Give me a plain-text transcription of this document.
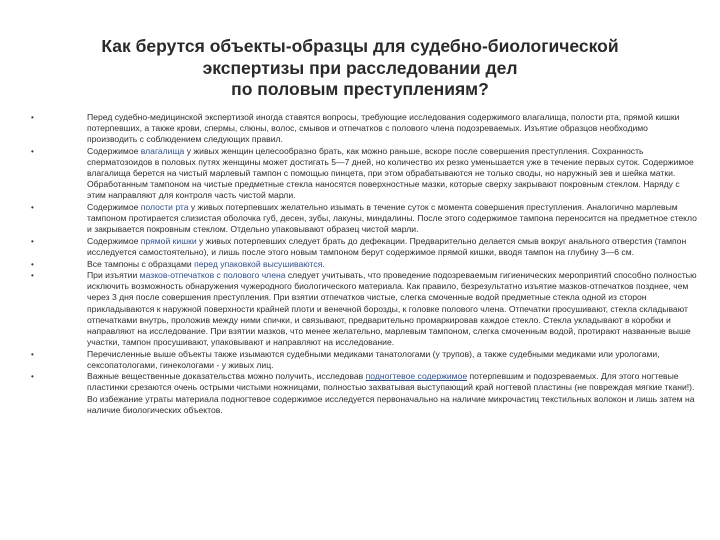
Как берутся объекты-образцы для судебно-биологической
экспертизы при расследовании дел
по половым преступлениям?
•	Перед судебно-медицинской экспертизой иногда ставятся вопросы, требующие исследования содержимого влагалища, полости рта, прямой кишки потерпевших, а также крови, спермы, слюны, волос, смывов и отпечатков с полового члена подозреваемых. Изъятие образцов необходимо производить с соблюдением следующих правил.
•	Содержимое влагалища у живых женщин целесообразно брать, как можно раньше, вскоре после совершения преступления. Сохранность сперматозоидов в половых путях женщины может достигать 5—7 дней, но количество их резко уменьшается уже в течение первых суток. Содержимое влагалища берется на чистый марлевый тампон с помощью пинцета, при этом обрабатываются не только своды, но наружный зев и шейка матки. Обработанным тампоном на чистые предметные стекла наносятся поверхностные мазки, которые сверху закрывают покровным стеклом. Наряду с этим направляют для контроля часть чистой марли.
•	Содержимое полости рта у живых потерпевших желательно изымать в течение суток с момента совершения преступления. Аналогично марлевым тампоном протирается слизистая оболочка губ, десен, зубы, лакуны, миндалины. После этого содержимое тампона переносится на предметное стекло и закрывается покровным стеклом. Отдельно упаковывают образец чистой марли.
•	Содержимое прямой кишки у живых потерпевших следует брать до дефекации. Предварительно делается смыв вокруг анального отверстия (тампон исследуется самостоятельно), и лишь после этого новым тампоном берут содержимое прямой кишки, вводя тампон на глубину 3—6 см.
•	Все тампоны с образцами перед упаковкой высушиваются.
•	При изъятии мазков-отпечатков с полового члена следует учитывать, что проведение подозреваемым гигиенических мероприятий способно полностью исключить возможность обнаружения чужеродного биологического материала. Как правило, безрезультатно изъятие мазков-отпечатков позднее, чем через 3 дня после совершения преступления. При взятии отпечатков чистые, слегка смоченные водой предметные стекла одной из сторон прикладываются к наружной поверхности крайней плоти и венечной борозды, к головке полового члена. Отпечатки просушивают, стекла складывают отпечатками внутрь, проложив между ними спички, и связывают, предварительно промаркировав каждое стекло. Стекла укладывают в коробки и направляют на исследование. При взятии мазков, что менее желательно, марлевым тампоном, слегка смоченным водой, протирают названные выше участки, тампон просушивают, упаковывают и направляют на исследование.
•	Перечисленные выше объекты также изымаются судебными медиками танатологами (у трупов), а также судебными медиками или урологами, сексопатологами, гинекологами - у живых лиц.
•	Важные вещественные доказательства можно получить, исследовав подногтевое содержимое потерпевшим и подозреваемых. Для этого ногтевые пластинки срезаются очень острыми чистыми ножницами, полностью захватывая выступающий край ногтевой пластины (не повреждая мягкие ткани!). Во избежание утраты материала подногтевое содержимое исследуется первоначально на наличие микрочастиц текстильных волокон и лишь затем на наличие биологических объектов.
